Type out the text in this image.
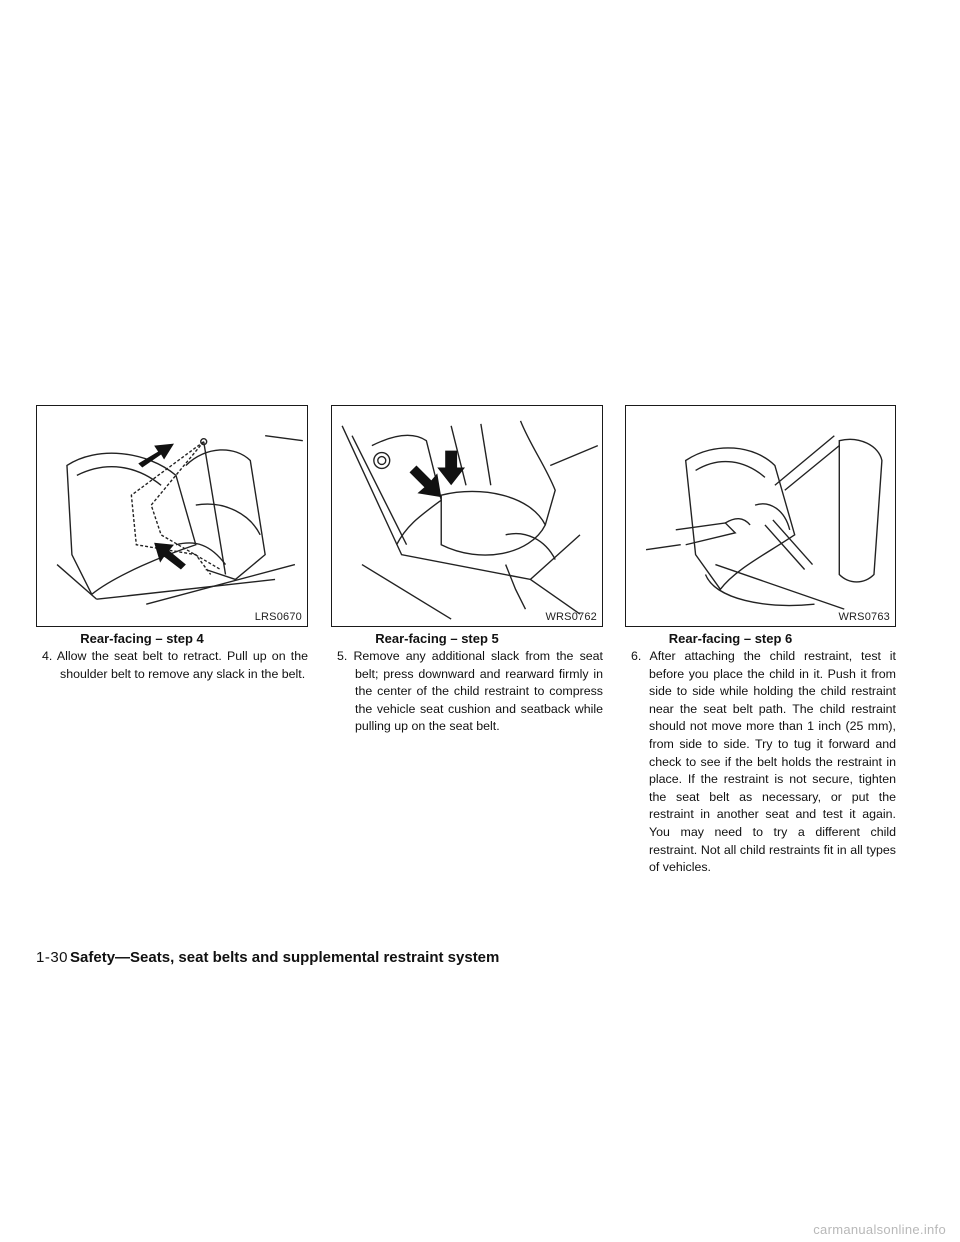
LRS0670
Rear-facing – step 4

4. Allow the seat belt to retract. Pull up on the shoulder belt to remove any slack in the belt.

WRS0762
Rear-facing – step 5

5. Remove any additional slack from the seat belt; press downward and rearward firmly in the center of the child restraint to compress the vehicle seat cushion and seatback while pulling up on the seat belt.

WRS0763
Rear-facing – step 6

6. After attaching the child restraint, test it before you place the child in it. Push it from side to side while holding the child restraint near the seat belt path. The child restraint should not move more than 1 inch (25 mm), from side to side. Try to tug it forward and check to see if the belt holds the restraint in place. If the restraint is not secure, tighten the seat belt as necessary, or put the restraint in another seat and test it again. You may need to try a different child restraint. Not all child restraints fit in all types of vehicles.

1-30 Safety—Seats, seat belts and supplemental restraint system
carmanualsonline.info
